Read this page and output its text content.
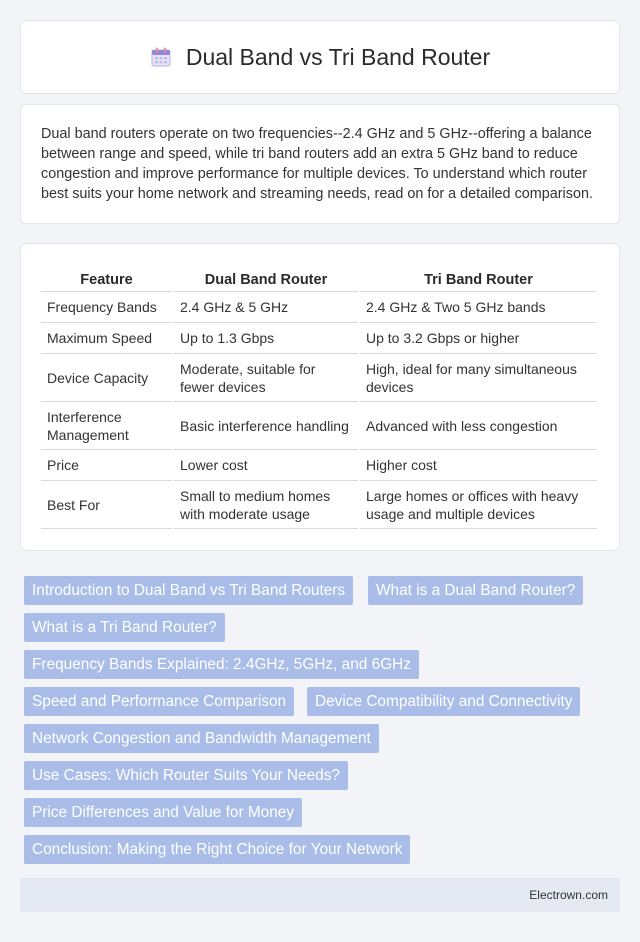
Dual Band vs Tri Band Router

Dual band routers operate on two frequencies--2.4 GHz and 5 GHz--offering a balance between range and speed, while tri band routers add an extra 5 GHz band to reduce congestion and improve performance for multiple devices. To understand which router best suits your home network and streaming needs, read on for a detailed comparison.

Feature	Dual Band Router	Tri Band Router
Frequency Bands	2.4 GHz & 5 GHz	2.4 GHz & Two 5 GHz bands
Maximum Speed	Up to 1.3 Gbps	Up to 3.2 Gbps or higher
Device Capacity	Moderate, suitable for fewer devices	High, ideal for many simultaneous devices
Interference Management	Basic interference handling	Advanced with less congestion
Price	Lower cost	Higher cost
Best For	Small to medium homes with moderate usage	Large homes or offices with heavy usage and multiple devices
Introduction to Dual Band vs Tri Band Routers	What is a Dual Band Router?
What is a Tri Band Router?
Frequency Bands Explained: 2.4GHz, 5GHz, and 6GHz
Speed and Performance Comparison	Device Compatibility and Connectivity
Network Congestion and Bandwidth Management
Use Cases: Which Router Suits Your Needs?
Price Differences and Value for Money
Conclusion: Making the Right Choice for Your Network
Electrown.com
